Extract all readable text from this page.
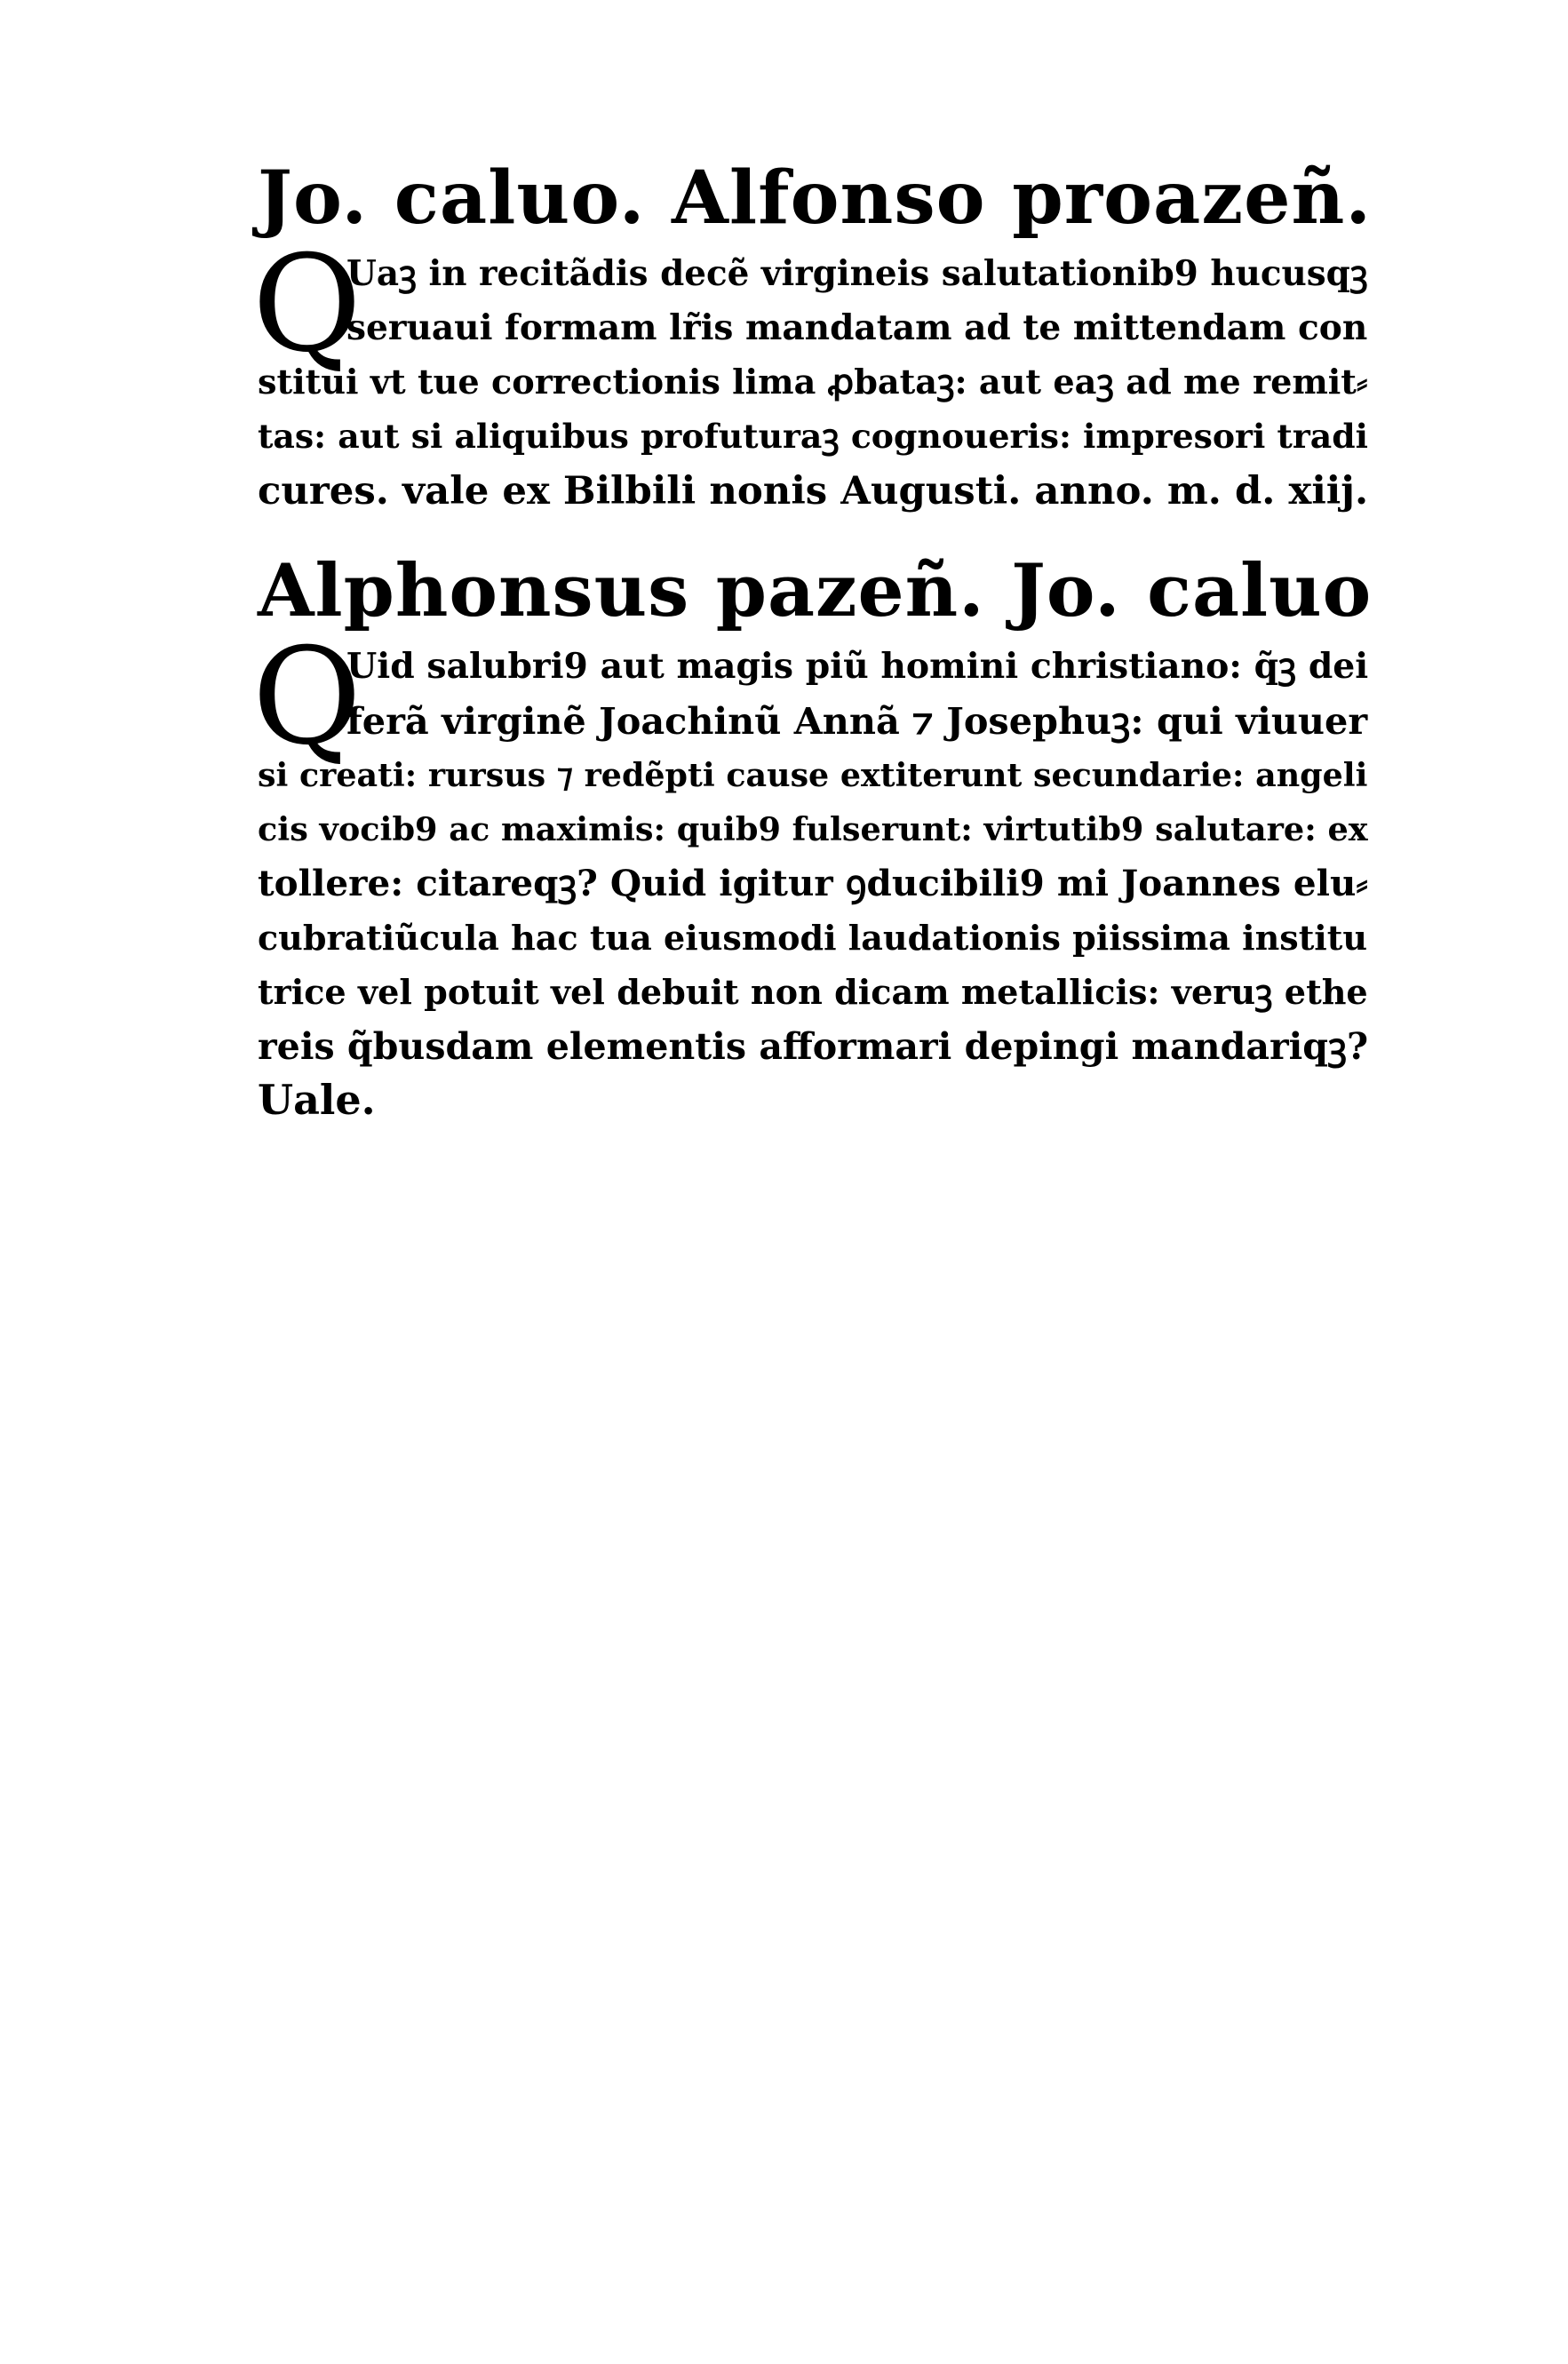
Jo. caluo. Alfonso proazeñ.
Q
Uaꝫ in recitãdis decẽ virgineis salutationib9 hucusqꝫ
seruaui formam lr̃is mandatam ad te mittendam con
stitui vt tue correctionis lima ꝓbataꝫ: aut eaꝫ ad me remit⸗
tas: aut si aliquibus profuturaꝫ cognoueris: impresori tradi
cures. vale ex Bilbili nonis Augusti. anno. m. d. xiij.
Alphonsus pazeñ. Jo. caluo
Q
Uid salubri9 aut magis piũ homini christiano: q̃ꝫ dei
ferã virginẽ Joachinũ Annã ⁊ Josephuꝫ: qui viuuer
si creati: rursus ⁊ redẽpti cause extiterunt secundarie: angeli
cis vocib9 ac maximis: quib9 fulserunt: virtutib9 salutare: ex
tollere: citareqꝫ? Quid igitur ꝯducibili9 mi Joannes elu⸗
cubratiũcula hac tua eiusmodi laudationis piissima institu
trice vel potuit vel debuit non dicam metallicis: veruꝫ ethe
reis q̃busdam elementis afformari depingi mandariqꝫ?
Uale.
